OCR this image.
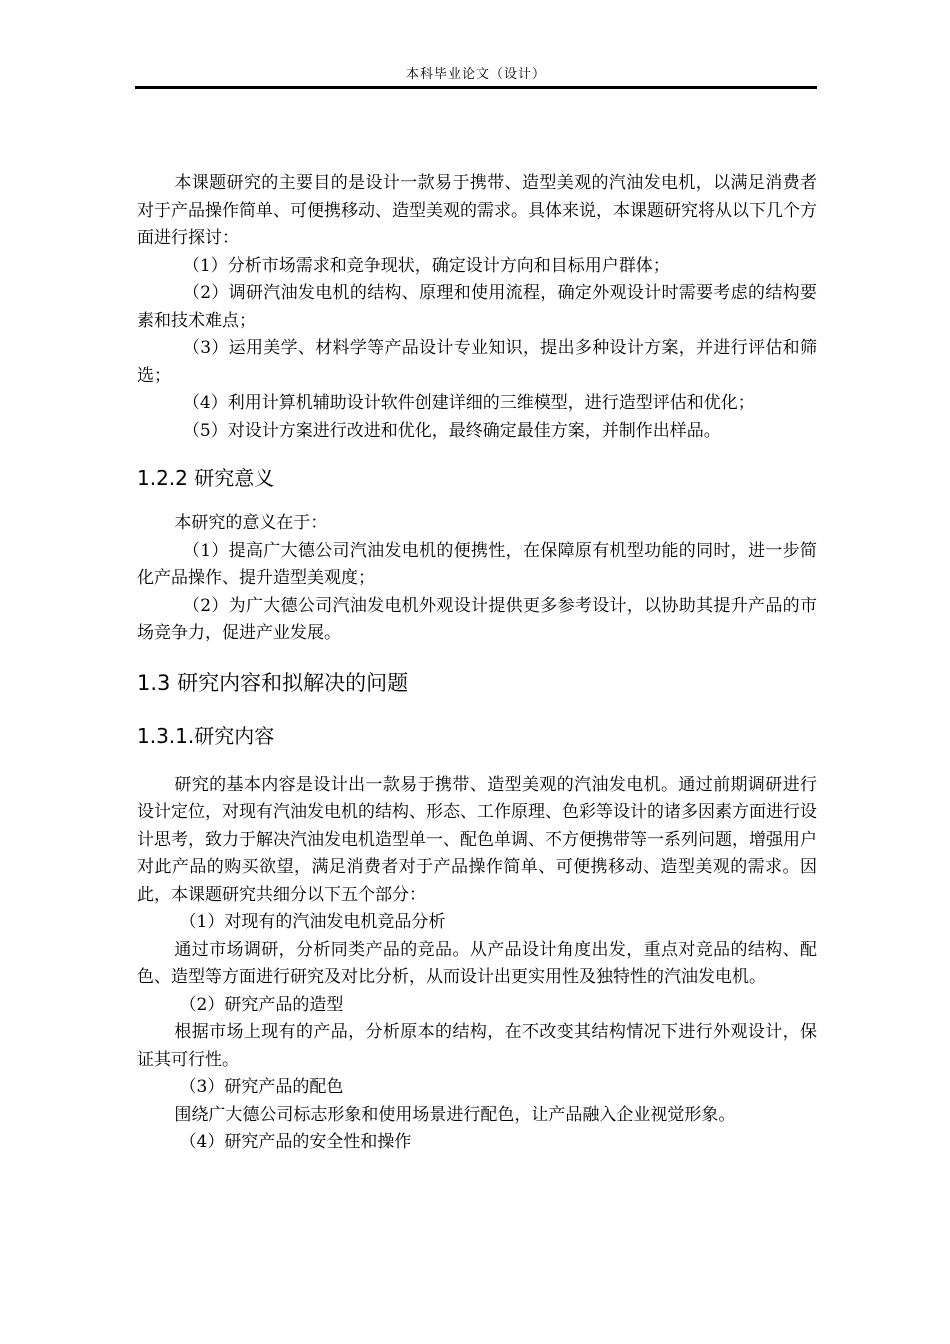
本科毕业论文（设计）

本课题研究的主要目的是设计一款易于携带、造型美观的汽油发电机，以满足消费者对于产品操作简单、可便携移动、造型美观的需求。具体来说，本课题研究将从以下几个方面进行探讨：

（1）分析市场需求和竞争现状，确定设计方向和目标用户群体；

（2）调研汽油发电机的结构、原理和使用流程，确定外观设计时需要考虑的结构要素和技术难点；

（3）运用美学、材料学等产品设计专业知识，提出多种设计方案，并进行评估和筛选；

（4）利用计算机辅助设计软件创建详细的三维模型，进行造型评估和优化；

（5）对设计方案进行改进和优化，最终确定最佳方案，并制作出样品。

1.2.2 研究意义

本研究的意义在于：

（1）提高广大德公司汽油发电机的便携性，在保障原有机型功能的同时，进一步简化产品操作、提升造型美观度；

（2）为广大德公司汽油发电机外观设计提供更多参考设计，以协助其提升产品的市场竞争力，促进产业发展。

1.3 研究内容和拟解决的问题
1.3.1.研究内容

研究的基本内容是设计出一款易于携带、造型美观的汽油发电机。通过前期调研进行设计定位，对现有汽油发电机的结构、形态、工作原理、色彩等设计的诸多因素方面进行设计思考，致力于解决汽油发电机造型单一、配色单调、不方便携带等一系列问题，增强用户对此产品的购买欲望，满足消费者对于产品操作简单、可便携移动、造型美观的需求。因此，本课题研究共细分以下五个部分：

（1）对现有的汽油发电机竞品分析

通过市场调研，分析同类产品的竞品。从产品设计角度出发，重点对竞品的结构、配色、造型等方面进行研究及对比分析，从而设计出更实用性及独特性的汽油发电机。

（2）研究产品的造型

根据市场上现有的产品，分析原本的结构，在不改变其结构情况下进行外观设计，保证其可行性。

（3）研究产品的配色

围绕广大德公司标志形象和使用场景进行配色，让产品融入企业视觉形象。

（4）研究产品的安全性和操作
